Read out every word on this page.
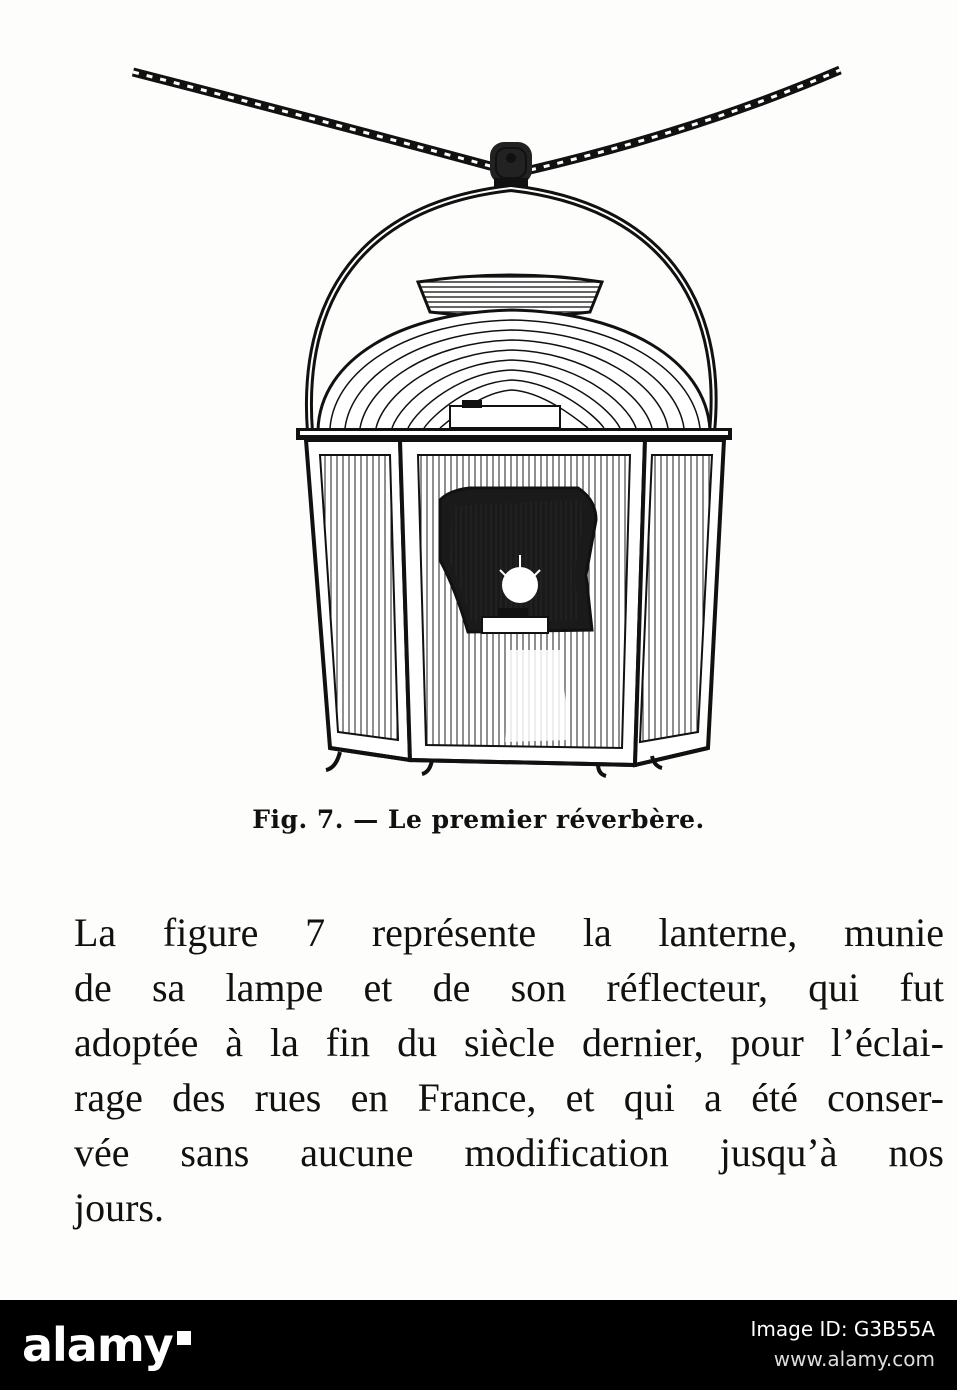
Fig. 7. — Le premier réverbère.
La figure 7 représente la lanterne, munie
de sa lampe et de son réflecteur, qui fut
adoptée à la fin du siècle dernier, pour l’éclai-
rage des rues en France, et qui a été conser-
vée sans aucune modification jusqu’à nos
jours.
alamy	Image ID: G3B55A
www.alamy.com
